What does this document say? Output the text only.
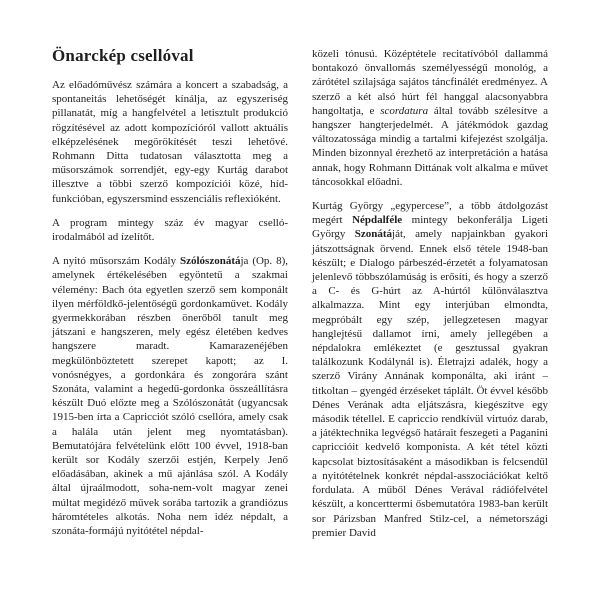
Önarckép csellóval

Az előadóművész számára a koncert a szabadság, a spontaneitás lehetőségét kínálja, az egyszeriség pillanatát, míg a hangfelvétel a letisztult produkció rögzítésével az adott kompozícióról vallott aktuális elképzelésének megörökítését teszi lehetővé. Rohmann Ditta tudatosan választotta meg a műsorszámok sorrendjét, egy-egy Kurtág darabot illesztve a többi szerző kompozíciói közé, híd-funkcióban, egyszersmind esszenciális reflexióként.

A program mintegy száz év magyar cselló-irodalmából ad ízelítőt.

A nyitó műsorszám Kodály Szólószonátája (Op. 8), amelynek értékelésében egyöntetű a szakmai vélemény: Bach óta egyetlen szerző sem komponált ilyen mérföldkő-jelentőségű gordonkaművet. Kodály gyermekkorában részben önerőből tanult meg játszani e hangszeren, mely egész életében kedves hangszere maradt. Kamarazenéjében megkülönböztetett szerepet kapott; az I. vonósnégyes, a gordonkára és zongorára szánt Szonáta, valamint a hegedű-gordonka összeállításra készült Duó előzte meg a Szólószonátát (ugyancsak 1915-ben írta a Capricciót szóló csellóra, amely csak a halála után jelent meg nyomtatásban). Bemutatójára felvételünk előtt 100 évvel, 1918-ban került sor Kodály szerzői estjén, Kerpely Jenő előadásában, akinek a mű ajánlása szól. A Kodály által újraálmodott, soha-nem-volt magyar zenei múltat megidéző művek sorába tartozik a grandiózus háromtételes alkotás. Noha nem idéz népdalt, a szonáta-formájú nyitótétel népdal-

közeli tónusú. Középtétele recitatívóból dallammá bontakozó önvallomás személyességű monológ, a zárótétel szilajsága sajátos táncfinálét eredményez. A szerző a két alsó húrt fél hanggal alacsonyabbra hangoltatja, e scordatura által tovább szélesítve a hangszer hangterjedelmét. A játékmódok gazdag változatossága mindig a tartalmi kifejezést szolgálja. Minden bizonnyal érezhető az interpretáción a hatása annak, hogy Rohmann Dittának volt alkalma e művet táncosokkal előadni.

Kurtág György „egypercese”, a több átdolgozást megért Népdalféle mintegy bekonferálja Ligeti György Szonátáját, amely napjainkban gyakori játszottságnak örvend. Ennek első tétele 1948-ban készült; e Dialogo párbeszéd-érzetét a folyamatosan jelenlevő többszólamúság is erősíti, és hogy a szerző a C- és G-húrt az A-húrtól különválasztva alkalmazza. Mint egy interjúban elmondta, megpróbált egy szép, jellegzetesen magyar hanglejtésű dallamot írni, amely jellegében a népdalokra emlékeztet (e gesztussal gyakran találkozunk Kodálynál is). Életrajzi adalék, hogy a szerző Virány Annának komponálta, aki iránt – titkoltan – gyengéd érzéseket táplált. Öt évvel később Dénes Verának adta eljátszásra, kiegészítve egy második tétellel. E capriccio rendkívül virtuóz darab, a játéktechnika legvégső határait feszegeti a Paganini capriccióit kedvelő komponista. A két tétel közti kapcsolat biztosításaként a másodikban is felcsendül a nyitótételnek konkrét népdal-asszociációkat keltő fordulata. A műből Dénes Verával rádiófelvétel készült, a koncerttermi ősbemutatóra 1983-ban került sor Párizsban Manfred Stilz-cel, a németországi premier David
